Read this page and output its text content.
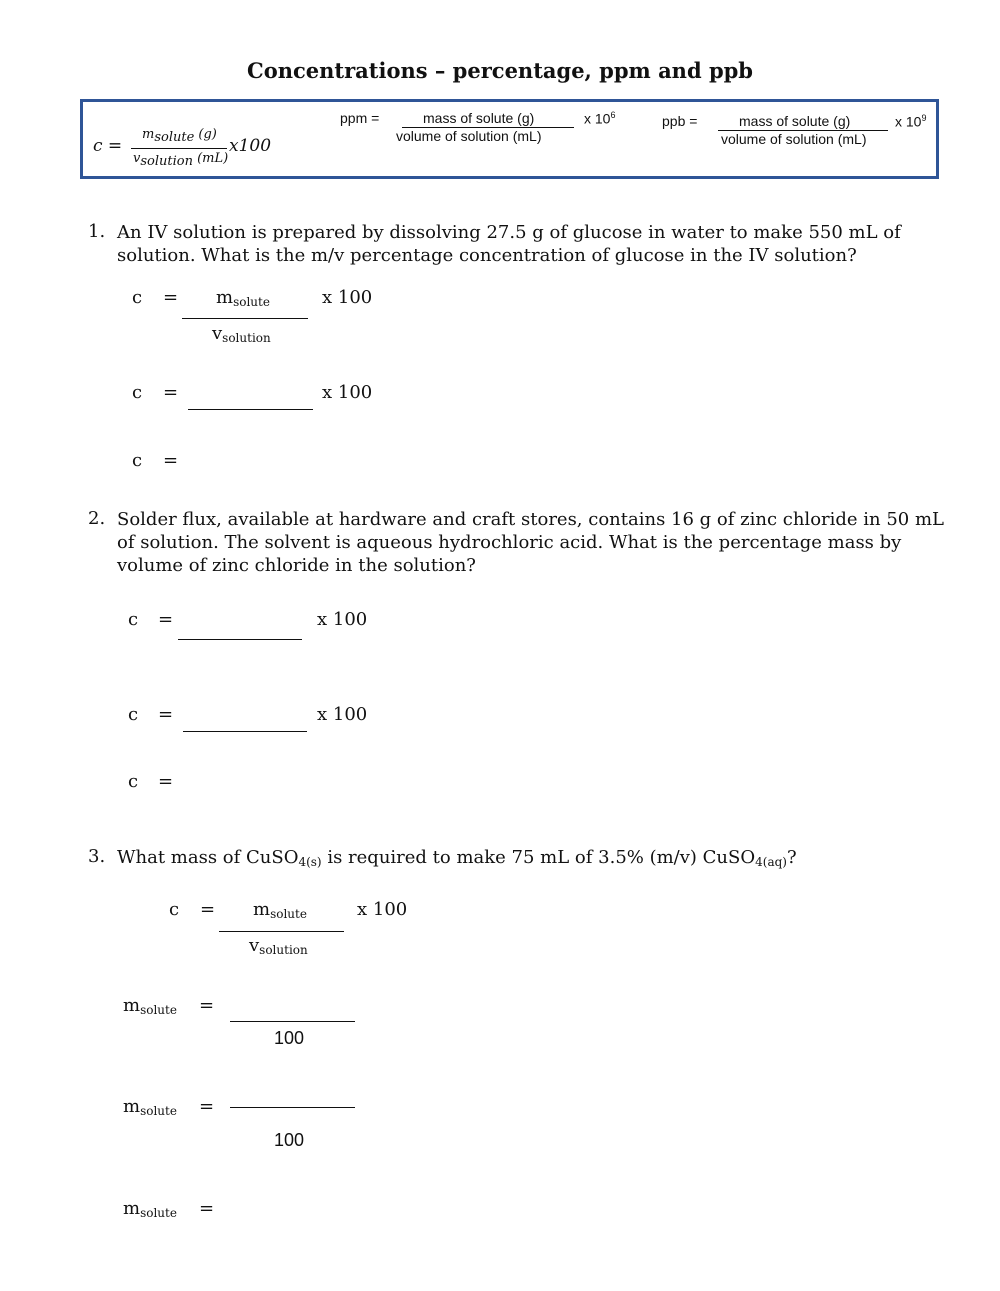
Concentrations – percentage, ppm and ppb
c =
$m_{solute}$ (g)
$v_{solution}$ (mL)
x100
ppm =	mass of solute (g)
volume of solution (mL)
x $10^6$	ppb =	mass of solute (g)
volume of solution (mL)
x $10^9$
1. An IV solution is prepared by dissolving 27.5 g of glucose in water to make 550 mL of solution. What is the m/v percentage concentration of glucose in the IV solution?
$c = m_{solute}$
$v_{solution}$
x 100
c =	x 100
c =
2. Solder flux, available at hardware and craft stores, contains 16 g of zinc chloride in 50 mL of solution. The solvent is aqueous hydrochloric acid. What is the percentage mass by volume of zinc chloride in the solution?
c =	x 100
c =	x 100
c =
3. What mass of CuSO$_{4(s)}$ is required to make 75 mL of 3.5% (m/v) CuSO$_{4(aq)}$?
$c = m_{solute}$
$v_{solution}$
x 100
$m_{solute}$ =
100
$m_{solute}$ =
100
$m_{solute}$ =
